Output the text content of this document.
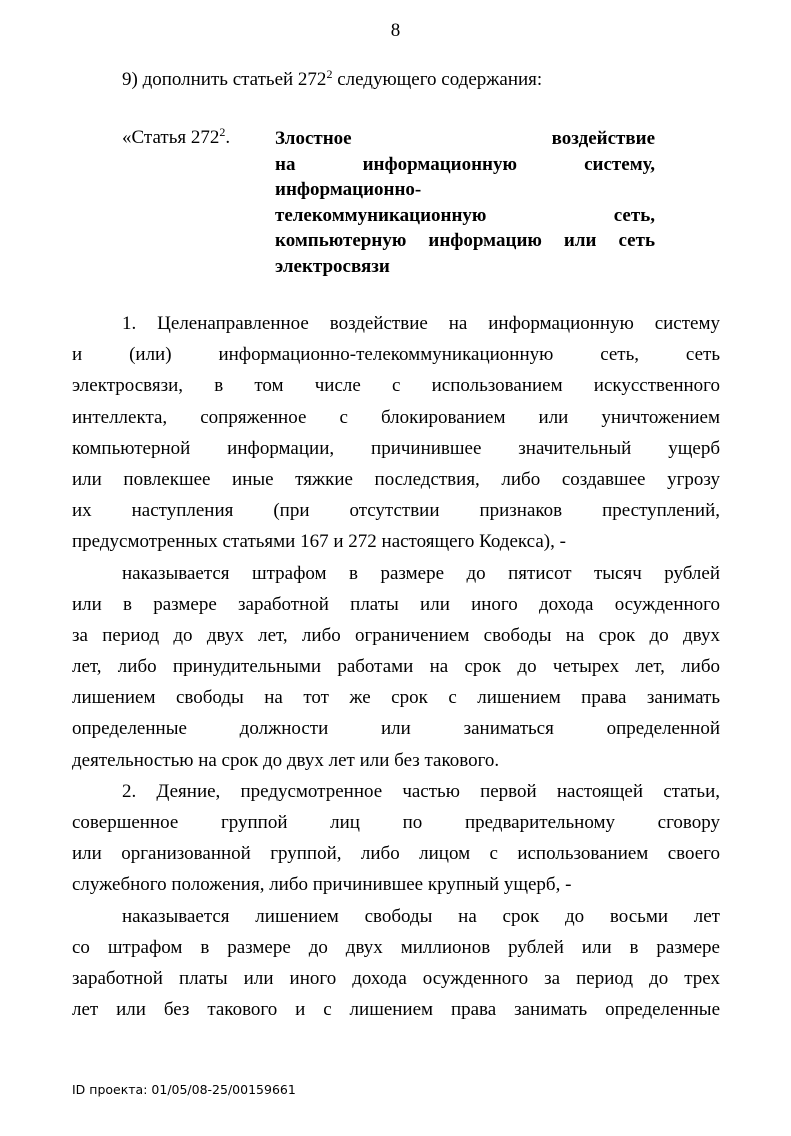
8
9) дополнить статьей $272^2$ следующего содержания:
«Статья $272^2$. Злостное воздействие
на информационную систему,
информационно-
телекоммуникационную сеть,
компьютерную информацию или сеть
электросвязи
1. Целенаправленное воздействие на информационную систему
и (или) информационно-телекоммуникационную сеть, сеть
электросвязи, в том числе с использованием искусственного
интеллекта, сопряженное с блокированием или уничтожением
компьютерной информации, причинившее значительный ущерб
или повлекшее иные тяжкие последствия, либо создавшее угрозу
их наступления (при отсутствии признаков преступлений,
предусмотренных статьями 167 и 272 настоящего Кодекса), -
наказывается штрафом в размере до пятисот тысяч рублей
или в размере заработной платы или иного дохода осужденного
за период до двух лет, либо ограничением свободы на срок до двух
лет, либо принудительными работами на срок до четырех лет, либо
лишением свободы на тот же срок с лишением права занимать
определенные должности или заниматься определенной
деятельностью на срок до двух лет или без такового.
2. Деяние, предусмотренное частью первой настоящей статьи,
совершенное группой лиц по предварительному сговору
или организованной группой, либо лицом с использованием своего
служебного положения, либо причинившее крупный ущерб, -
наказывается лишением свободы на срок до восьми лет
со штрафом в размере до двух миллионов рублей или в размере
заработной платы или иного дохода осужденного за период до трех
лет или без такового и с лишением права занимать определенные
ID проекта: 01/05/08-25/00159661
